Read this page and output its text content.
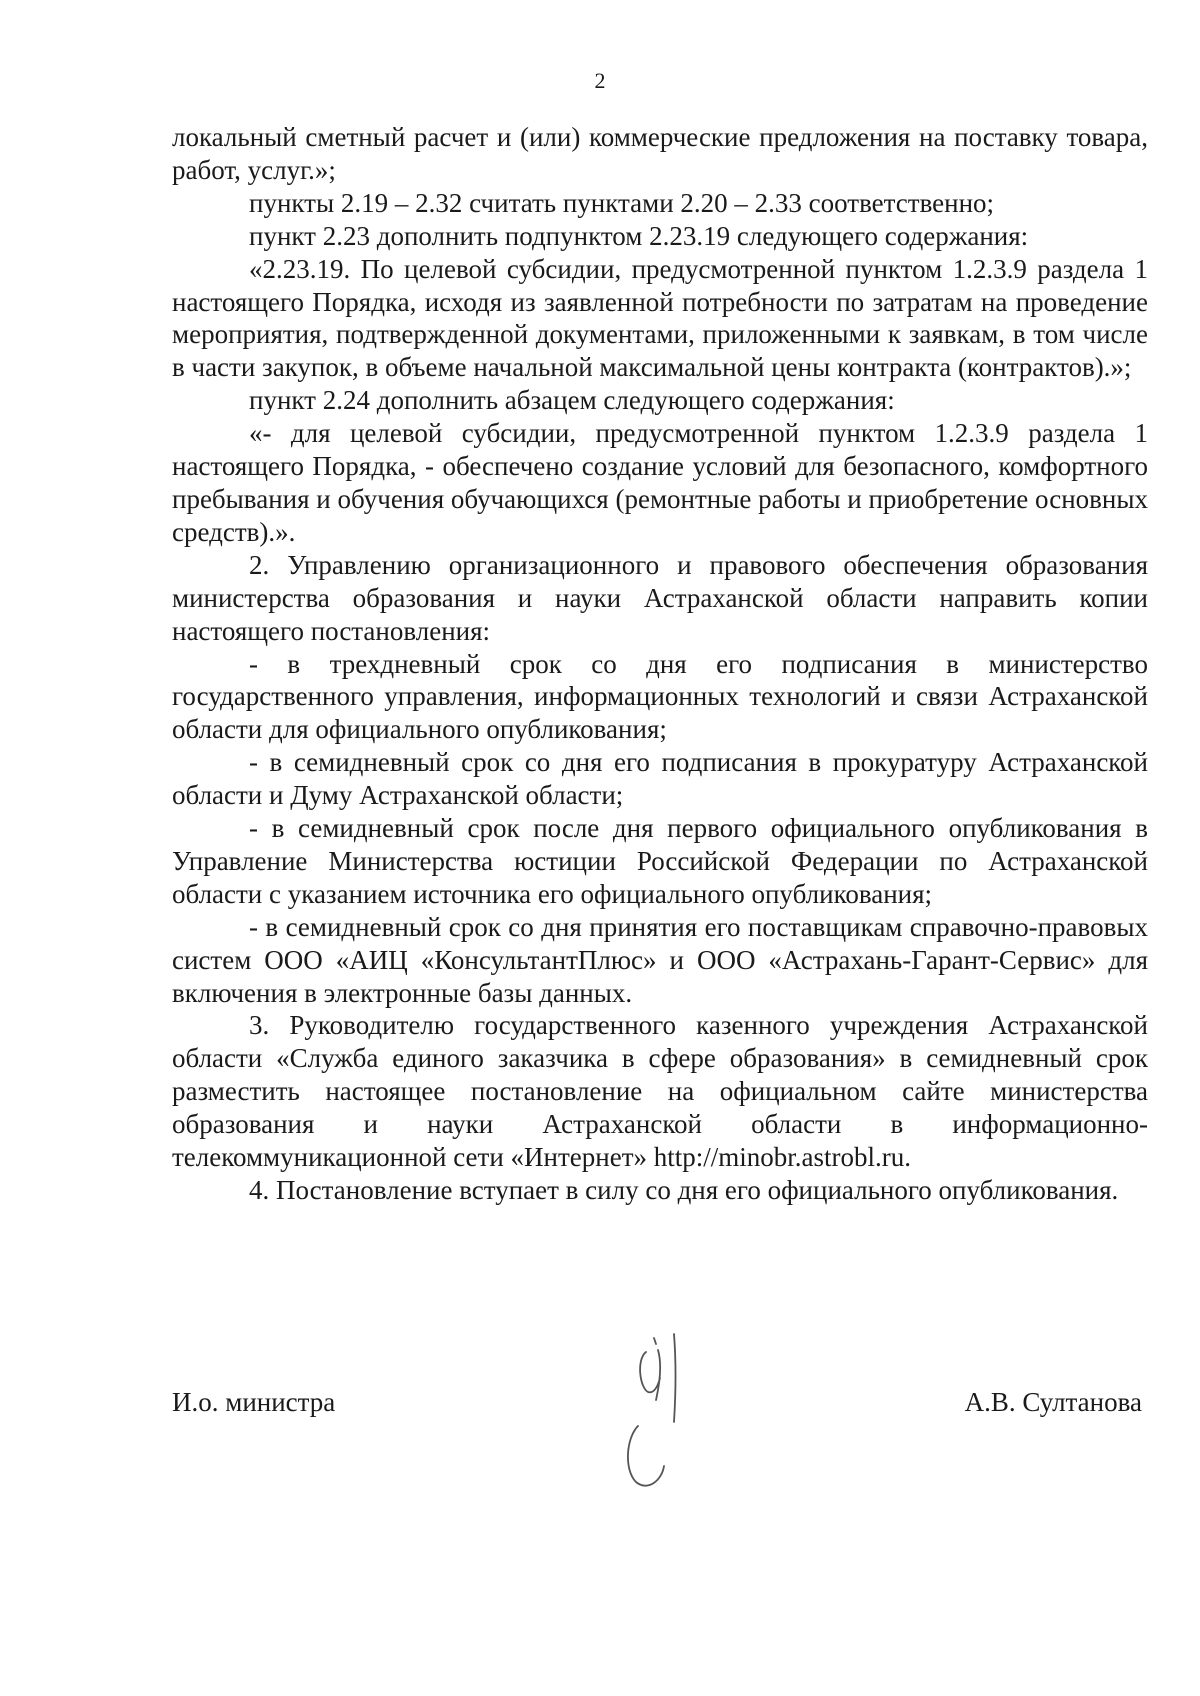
2

локальный сметный расчет и (или) коммерческие предложения на поставку товара, работ, услуг.»;

пункты 2.19 – 2.32 считать пунктами 2.20 – 2.33 соответственно;

пункт 2.23 дополнить подпунктом 2.23.19 следующего содержания:

«2.23.19. По целевой субсидии, предусмотренной пунктом 1.2.3.9 раздела 1 настоящего Порядка, исходя из заявленной потребности по затратам на проведение мероприятия, подтвержденной документами, приложенными к заявкам, в том числе в части закупок, в объеме начальной максимальной цены контракта (контрактов).»;

пункт 2.24 дополнить абзацем следующего содержания:

«- для целевой субсидии, предусмотренной пунктом 1.2.3.9 раздела 1 настоящего Порядка, - обеспечено создание условий для безопасного, комфортного пребывания и обучения обучающихся (ремонтные работы и приобретение основных средств).».

2. Управлению организационного и правового обеспечения образования министерства образования и науки Астраханской области направить копии настоящего постановления:

- в трехдневный срок со дня его подписания в министерство государственного управления, информационных технологий и связи Астраханской области для официального опубликования;

- в семидневный срок со дня его подписания в прокуратуру Астраханской области и Думу Астраханской области;

- в семидневный срок после дня первого официального опубликования в Управление Министерства юстиции Российской Федерации по Астраханской области с указанием источника его официального опубликования;

- в семидневный срок со дня принятия его поставщикам справочно-правовых систем ООО «АИЦ «КонсультантПлюс» и ООО «Астрахань-Гарант-Сервис» для включения в электронные базы данных.

3. Руководителю государственного казенного учреждения Астраханской области «Служба единого заказчика в сфере образования» в семидневный срок разместить настоящее постановление на официальном сайте министерства образования и науки Астраханской области в информационно-телекоммуникационной сети «Интернет» http://minobr.astrobl.ru.

4. Постановление вступает в силу со дня его официального опубликования.

И.о. министра	А.В. Султанова
